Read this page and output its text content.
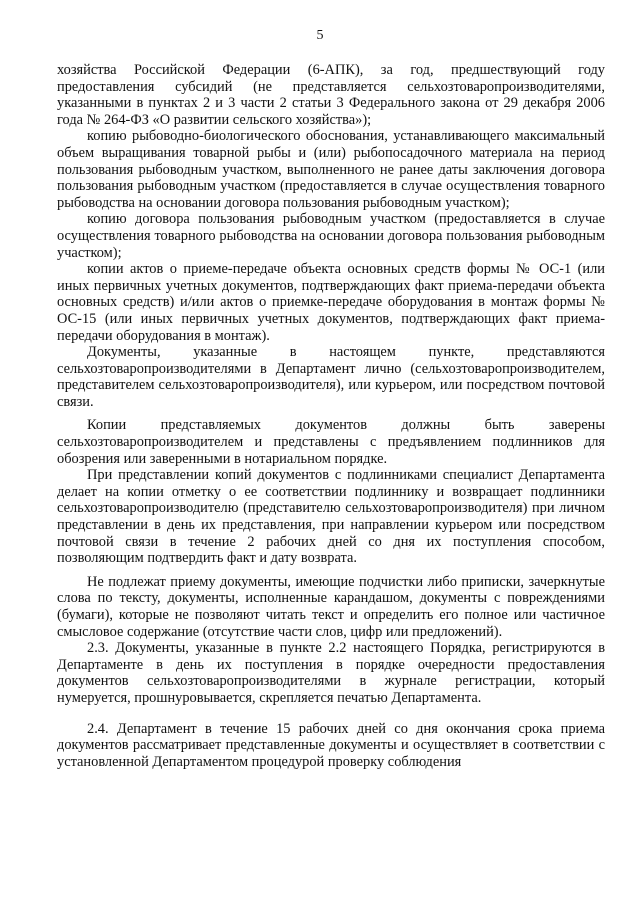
5

хозяйства Российской Федерации (6-АПК), за год, предшествующий году предоставления субсидий (не представляется сельхозтоваропроизводителями, указанными в пунктах 2 и 3 части 2 статьи 3 Федерального закона от 29 декабря 2006 года № 264-ФЗ «О развитии сельского хозяйства»);

копию рыбоводно-биологического обоснования, устанавливающего максимальный объем выращивания товарной рыбы и (или) рыбопосадочного материала на период пользования рыбоводным участком, выполненного не ранее даты заключения договора пользования рыбоводным участком (предоставляется в случае осуществления товарного рыбоводства на основании договора пользования рыбоводным участком);

копию договора пользования рыбоводным участком (предоставляется в случае осуществления товарного рыбоводства на основании договора пользования рыбоводным участком);

копии актов о приеме-передаче объекта основных средств формы № ОС-1 (или иных первичных учетных документов, подтверждающих факт приема-передачи объекта основных средств) и/или актов о приемке-передаче оборудования в монтаж формы № ОС-15 (или иных первичных учетных документов, подтверждающих факт приема-передачи оборудования в монтаж).

Документы, указанные в настоящем пункте, представляются сельхозтоваропроизводителями в Департамент лично (сельхозтоваропроизводителем, представителем сельхозтоваропроизводителя), или курьером, или посредством почтовой связи.

Копии представляемых документов должны быть заверены сельхозтоваропроизводителем и представлены с предъявлением подлинников для обозрения или заверенными в нотариальном порядке.

При представлении копий документов с подлинниками специалист Департамента делает на копии отметку о ее соответствии подлиннику и возвращает подлинники сельхозтоваропроизводителю (представителю сельхозтоваропроизводителя) при личном представлении в день их представления, при направлении курьером или посредством почтовой связи в течение 2 рабочих дней со дня их поступления способом, позволяющим подтвердить факт и дату возврата.

Не подлежат приему документы, имеющие подчистки либо приписки, зачеркнутые слова по тексту, документы, исполненные карандашом, документы с повреждениями (бумаги), которые не позволяют читать текст и определить его полное или частичное смысловое содержание (отсутствие части слов, цифр или предложений).

2.3. Документы, указанные в пункте 2.2 настоящего Порядка, регистрируются в Департаменте в день их поступления в порядке очередности предоставления документов сельхозтоваропроизводителями в журнале регистрации, который нумеруется, прошнуровывается, скрепляется печатью Департамента.

2.4. Департамент в течение 15 рабочих дней со дня окончания срока приема документов рассматривает представленные документы и осуществляет в соответствии с установленной Департаментом процедурой проверку соблюдения
